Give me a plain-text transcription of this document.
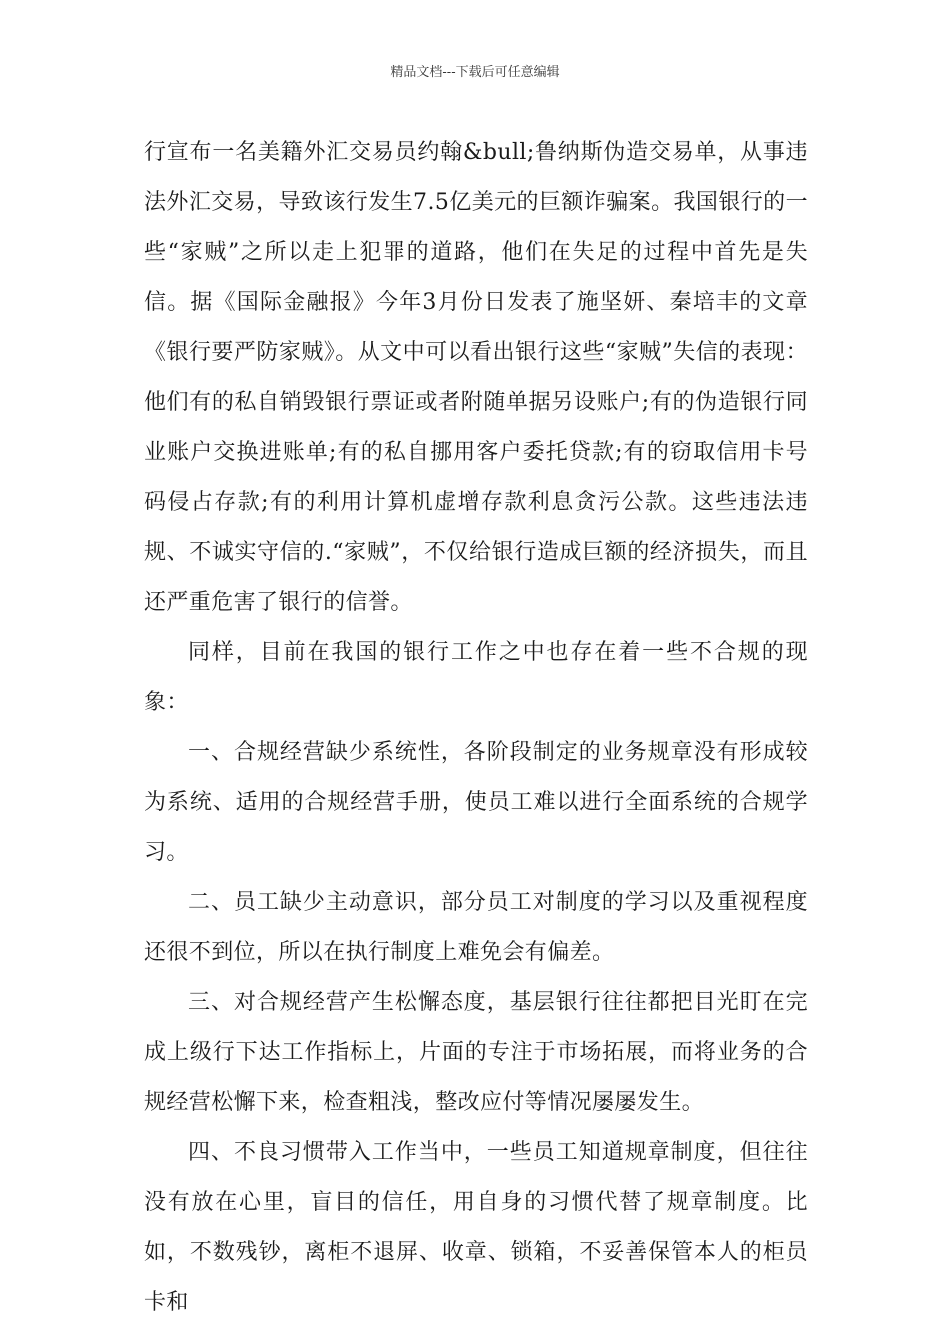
精品文档---下载后可任意编辑

行宣布一名美籍外汇交易员约翰&bull;鲁纳斯伪造交易单，从事违法外汇交易，导致该行发生7.5亿美元的巨额诈骗案。我国银行的一些“家贼”之所以走上犯罪的道路，他们在失足的过程中首先是失信。据《国际金融报》今年3月份日发表了施坚妍、秦培丰的文章《银行要严防家贼》。从文中可以看出银行这些“家贼”失信的表现：他们有的私自销毁银行票证或者附随单据另设账户;有的伪造银行同业账户交换进账单;有的私自挪用客户委托贷款;有的窃取信用卡号码侵占存款;有的利用计算机虚增存款利息贪污公款。这些违法违规、不诚实守信的.“家贼”，不仅给银行造成巨额的经济损失，而且还严重危害了银行的信誉。

同样，目前在我国的银行工作之中也存在着一些不合规的现象：

一、合规经营缺少系统性，各阶段制定的业务规章没有形成较为系统、适用的合规经营手册，使员工难以进行全面系统的合规学习。

二、员工缺少主动意识，部分员工对制度的学习以及重视程度还很不到位，所以在执行制度上难免会有偏差。

三、对合规经营产生松懈态度，基层银行往往都把目光盯在完成上级行下达工作指标上，片面的专注于市场拓展，而将业务的合规经营松懈下来，检查粗浅，整改应付等情况屡屡发生。

四、不良习惯带入工作当中，一些员工知道规章制度，但往往没有放在心里，盲目的信任，用自身的习惯代替了规章制度。比如，不数残钞，离柜不退屏、收章、锁箱，不妥善保管本人的柜员卡和
